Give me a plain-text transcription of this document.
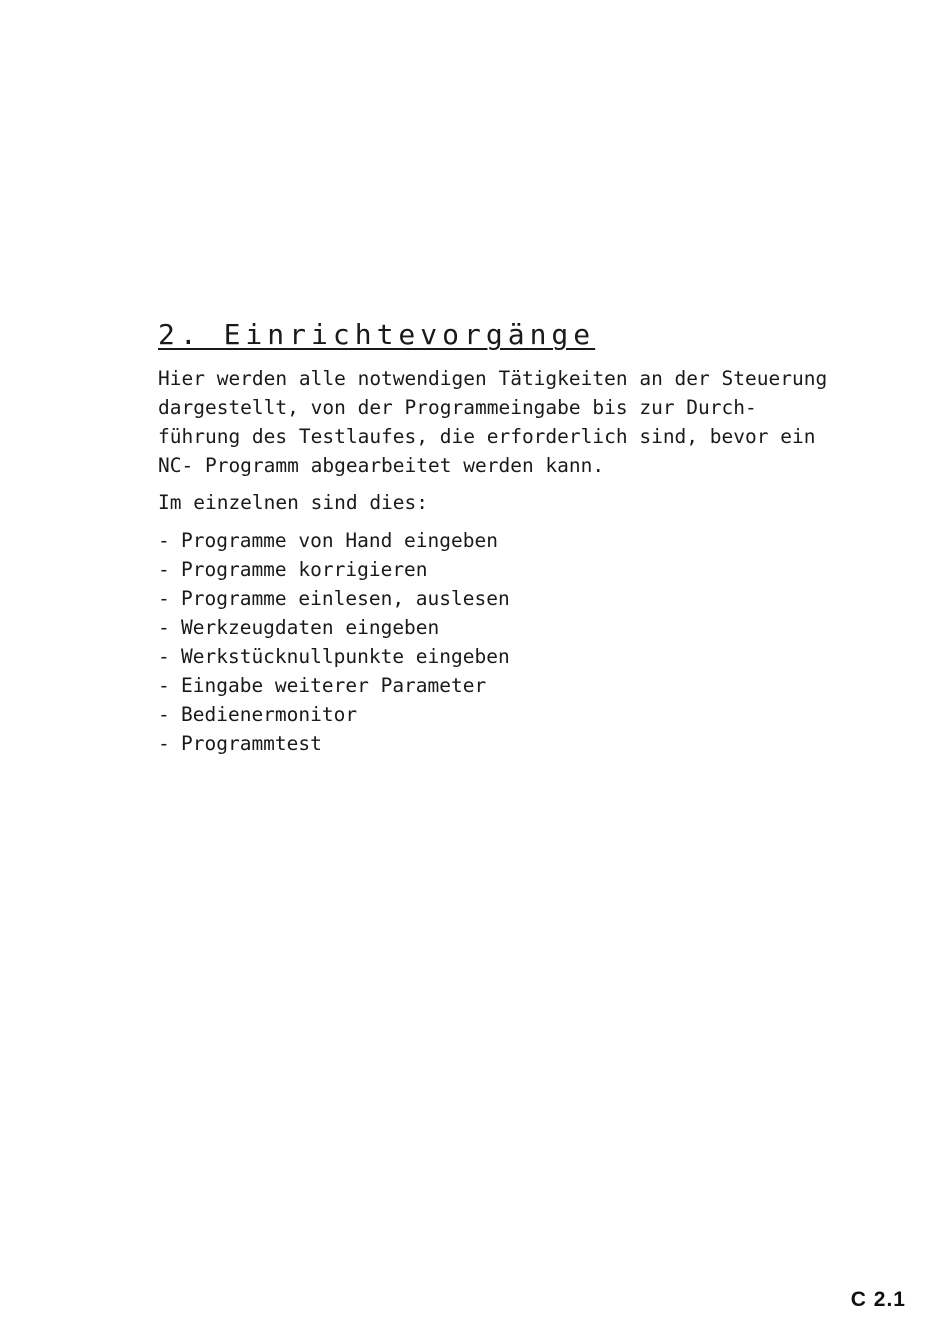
2. Einrichtevorgänge
Hier werden alle notwendigen Tätigkeiten an der Steuerung
dargestellt, von der Programmeingabe bis zur Durch-
führung des Testlaufes, die erforderlich sind, bevor ein
NC- Programm abgearbeitet werden kann.
Im einzelnen sind dies:
- Programme von Hand eingeben
- Programme korrigieren
- Programme einlesen, auslesen
- Werkzeugdaten eingeben
- Werkstücknullpunkte eingeben
- Eingabe weiterer Parameter
- Bedienermonitor
- Programmtest
C 2.1
